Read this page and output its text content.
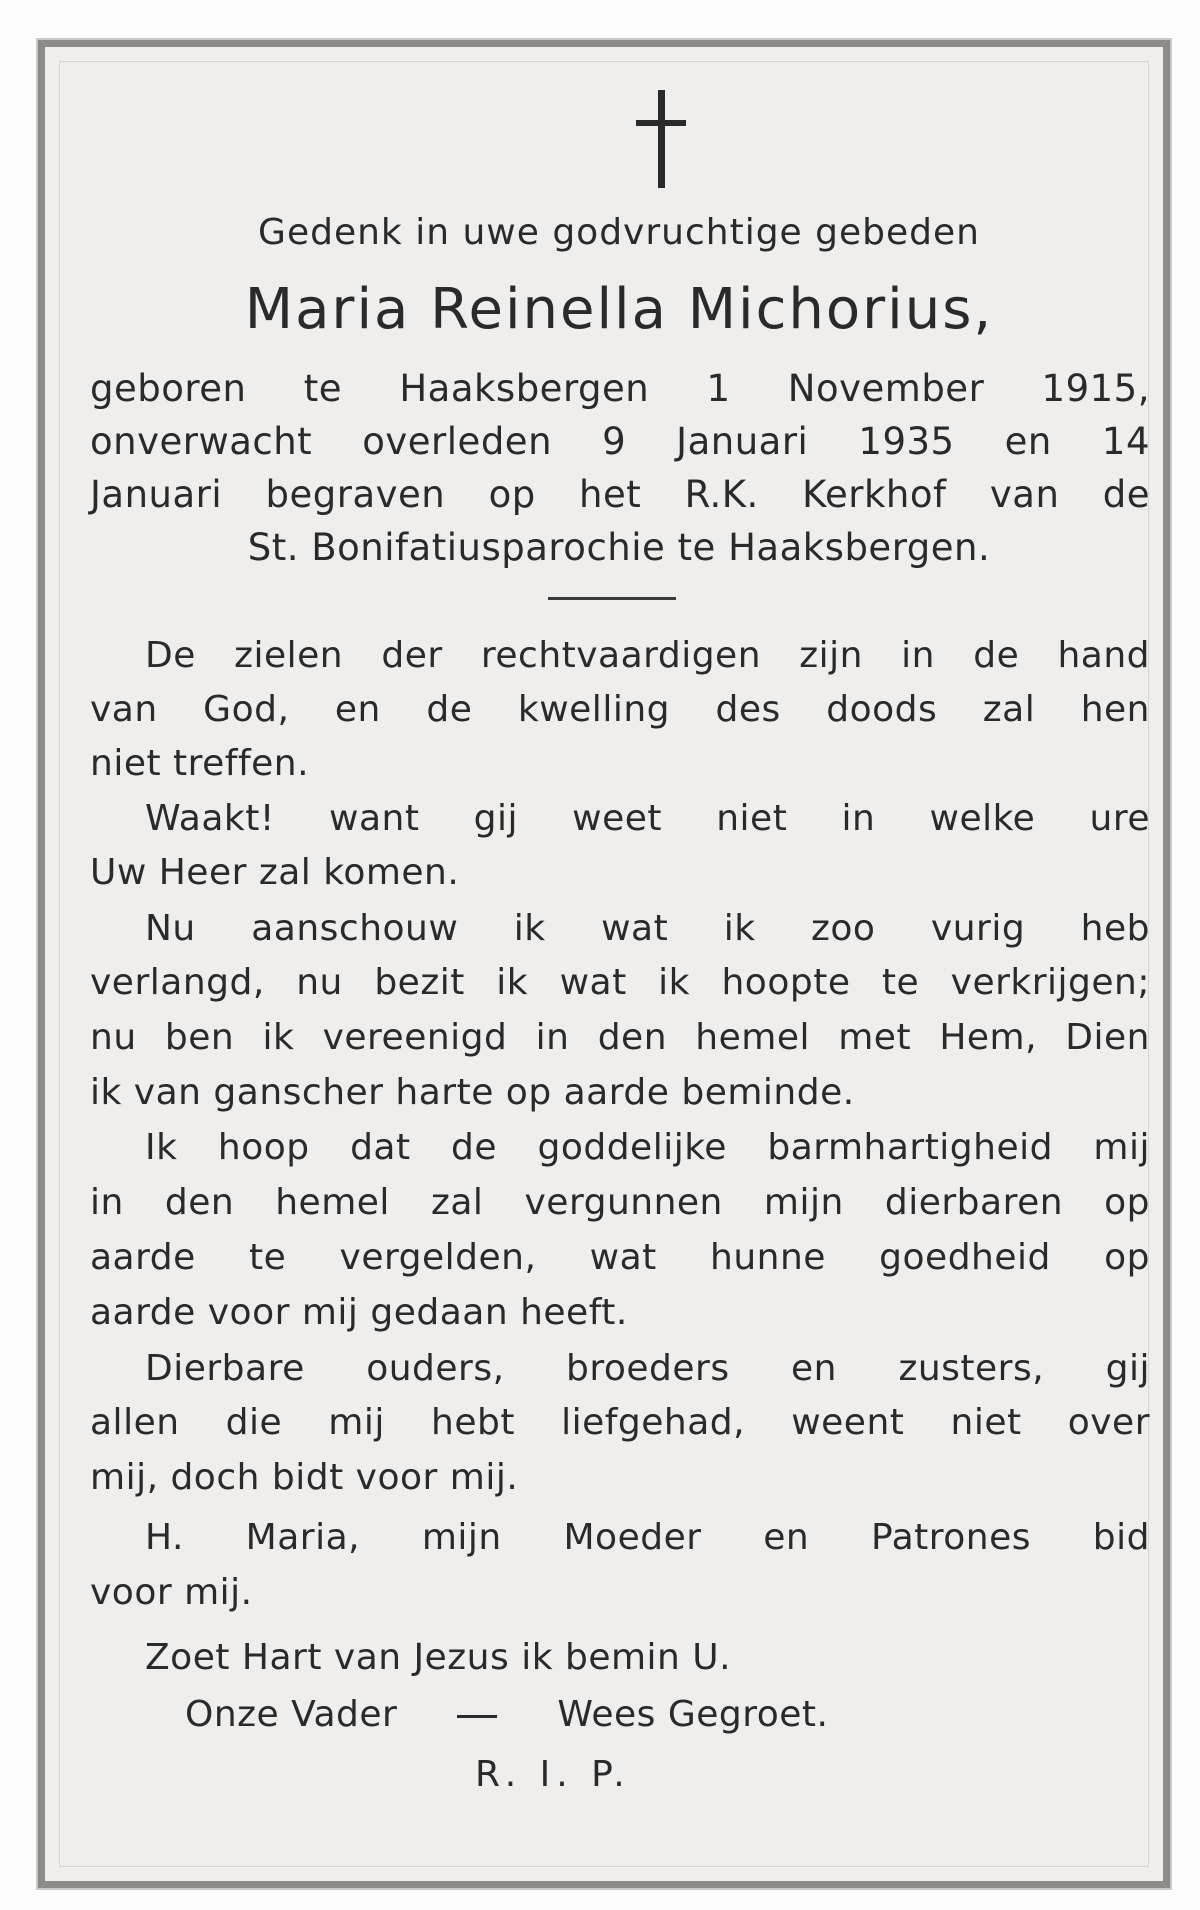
Gedenk in uwe godvruchtige gebeden
Maria Reinella Michorius,
geboren te Haaksbergen 1 November 1915,
onverwacht overleden 9 Januari 1935 en 14
Januari begraven op het R.K. Kerkhof van de
St. Bonifatiusparochie te Haaksbergen.
De zielen der rechtvaardigen zijn in de hand
van God, en de kwelling des doods zal hen
niet treffen.
Waakt! want gij weet niet in welke ure
Uw Heer zal komen.
Nu aanschouw ik wat ik zoo vurig heb
verlangd, nu bezit ik wat ik hoopte te verkrijgen;
nu ben ik vereenigd in den hemel met Hem, Dien
ik van ganscher harte op aarde beminde.
Ik hoop dat de goddelijke barmhartigheid mij
in den hemel zal vergunnen mijn dierbaren op
aarde te vergelden, wat hunne goedheid op
aarde voor mij gedaan heeft.
Dierbare ouders, broeders en zusters, gij
allen die mij hebt liefgehad, weent niet over
mij, doch bidt voor mij.
H. Maria, mijn Moeder en Patrones bid
voor mij.
Zoet Hart van Jezus ik bemin U.
Onze Vader	Wees Gegroet.
R. I. P.
